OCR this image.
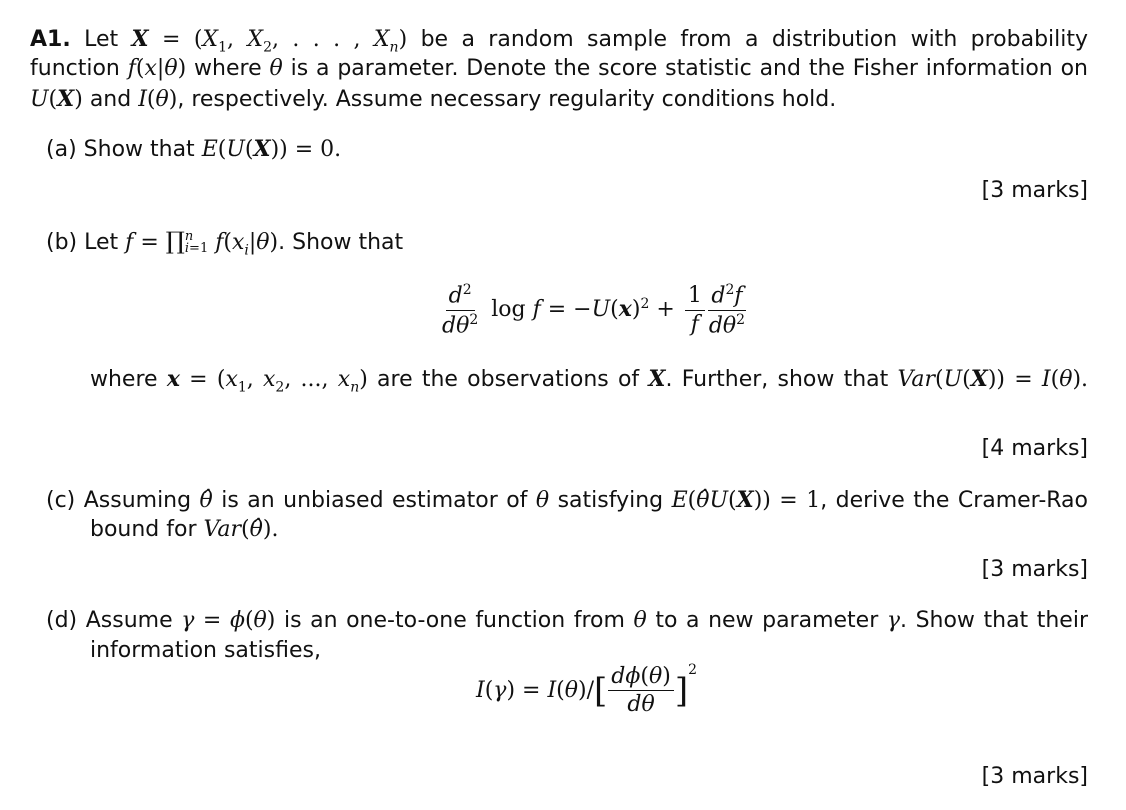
A1. Let $X = (X_1$, $X_2$, . . . , $X_n$) be a random sample from a distribution with probability
function f(x|θ) where θ is a parameter. Denote the score statistic and the Fisher information on
U(X) and I(θ), respectively. Assume necessary regularity conditions hold.
(a) Show that E(U(X)) = 0.
[3 marks]
(b) Let f = ∏n
i=1 $f(x_i|\theta)$. Show that
$\frac{d^2}{d\theta^2}$ $\log f = -U(x)^2 + \frac{1}{f} \frac{d^2f}{d\theta^2}$
where $x = (x_1$, $x_2$, ..., $x_n$) are the observations of X. Further, show that Var(U(X)) = I(θ).
[4 marks]
(c) Assuming θ̂ is an unbiased estimator of θ satisfying E(θ̂U(X)) = 1, derive the Cramer-Rao
bound for Var(θ̂).
[3 marks]
(d) Assume γ = ϕ(θ) is an one-to-one function from θ to a new parameter γ. Show that their
information satisfies,
$I(\gamma) = I(\theta)/[ \frac{d\phi(\theta)}{d\theta} ]^2$
[3 marks]
